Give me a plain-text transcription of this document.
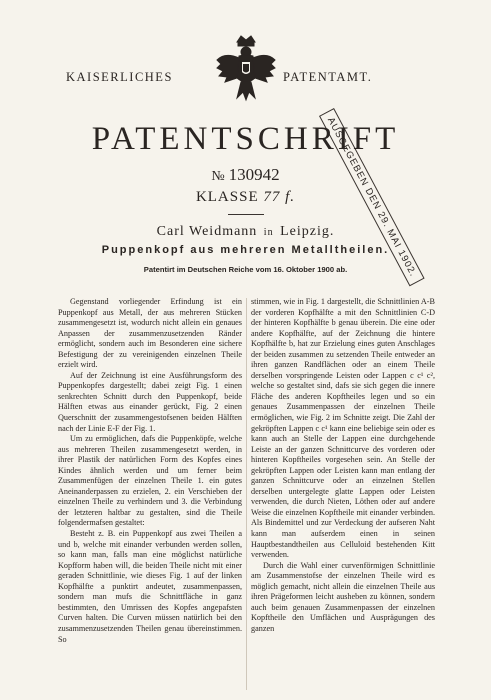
KAISERLICHES	PATENTAMT.
AUSGEGEBEN DEN 29. MAI 1902.
PATENTSCHRIFT
№ 130942
KLASSE 77 f.
Carl Weidmann in Leipzig.
Puppenkopf aus mehreren Metalltheilen.
Patentirt im Deutschen Reiche vom 16. Oktober 1900 ab.

Gegenstand vorliegender Erfindung ist ein Puppenkopf aus Metall, der aus mehreren Stücken zusammengesetzt ist, wodurch nicht allein ein genaues Anpassen der zusammenzusetzenden Ränder ermöglicht, sondern auch im Besonderen eine sichere Befestigung der zu vereinigenden einzelnen Theile erzielt wird.

Auf der Zeichnung ist eine Ausführungsform des Puppenkopfes dargestellt; dabei zeigt Fig. 1 einen senkrechten Schnitt durch den Puppenkopf, beide Hälften etwas aus einander gerückt, Fig. 2 einen Querschnitt der zusammengestofsenen beiden Hälften nach der Linie E-F der Fig. 1.

Um zu ermöglichen, dafs die Puppenköpfe, welche aus mehreren Theilen zusammengesetzt werden, in ihrer Plastik der natürlichen Form des Kopfes eines Kindes ähnlich werden und um ferner beim Zusammenfügen der einzelnen Theile 1. ein gutes Aneinanderpassen zu erzielen, 2. ein Verschieben der einzelnen Theile zu verhindern und 3. die Verbindung der letzteren haltbar zu gestalten, sind die Theile folgendermafsen gestaltet:

Besteht z. B. ein Puppenkopf aus zwei Theilen a und b, welche mit einander verbunden werden sollen, so kann man, falls man eine möglichst natürliche Kopfform haben will, die beiden Theile nicht mit einer geraden Schnittlinie, wie dieses Fig. 1 auf der linken Kopfhälfte a punktirt andeutet, zusammenpassen, sondern man mufs die Schnittfläche in ganz bestimmten, den Umrissen des Kopfes angepafsten Curven halten. Die Curven müssen natürlich bei den zusammenzusetzenden Theilen genau übereinstimmen. So

stimmen, wie in Fig. 1 dargestellt, die Schnittlinien A-B der vorderen Kopfhälfte a mit den Schnittlinien C-D der hinteren Kopfhälfte b genau überein. Die eine oder andere Kopfhälfte, auf der Zeichnung die hintere Kopfhälfte b, hat zur Erzielung eines guten Anschlages der beiden zusammen zu setzenden Theile entweder an ihren ganzen Randflächen oder an einem Theile derselben vorspringende Leisten oder Lappen c c¹ c², welche so gestaltet sind, dafs sie sich gegen die innere Fläche des anderen Kopftheiles legen und so ein genaues Zusammenpassen der einzelnen Theile ermöglichen, wie Fig. 2 im Schnitte zeigt. Die Zahl der gekröpften Lappen c c¹ kann eine beliebige sein oder es kann auch an Stelle der Lappen eine durchgehende Leiste an der ganzen Schnittcurve des vorderen oder hinteren Kopftheiles vorgesehen sein. An Stelle der gekröpften Lappen oder Leisten kann man entlang der ganzen Schnittcurve oder an einzelnen Stellen derselben untergelegte glatte Lappen oder Leisten verwenden, die durch Nieten, Löthen oder auf andere Weise die einzelnen Kopftheile mit einander verbinden. Als Bindemittel und zur Verdeckung der aufseren Naht kann man aufserdem einen in seinen Hauptbestandtheilen aus Celluloid bestehenden Kitt verwenden.

Durch die Wahl einer curvenförmigen Schnittlinie am Zusammenstofse der einzelnen Theile wird es möglich gemacht, nicht allein die einzelnen Theile aus ihren Prägeformen leicht ausheben zu können, sondern auch beim genauen Zusammenpassen der einzelnen Kopftheile den Umflächen und Ausprägungen des ganzen
